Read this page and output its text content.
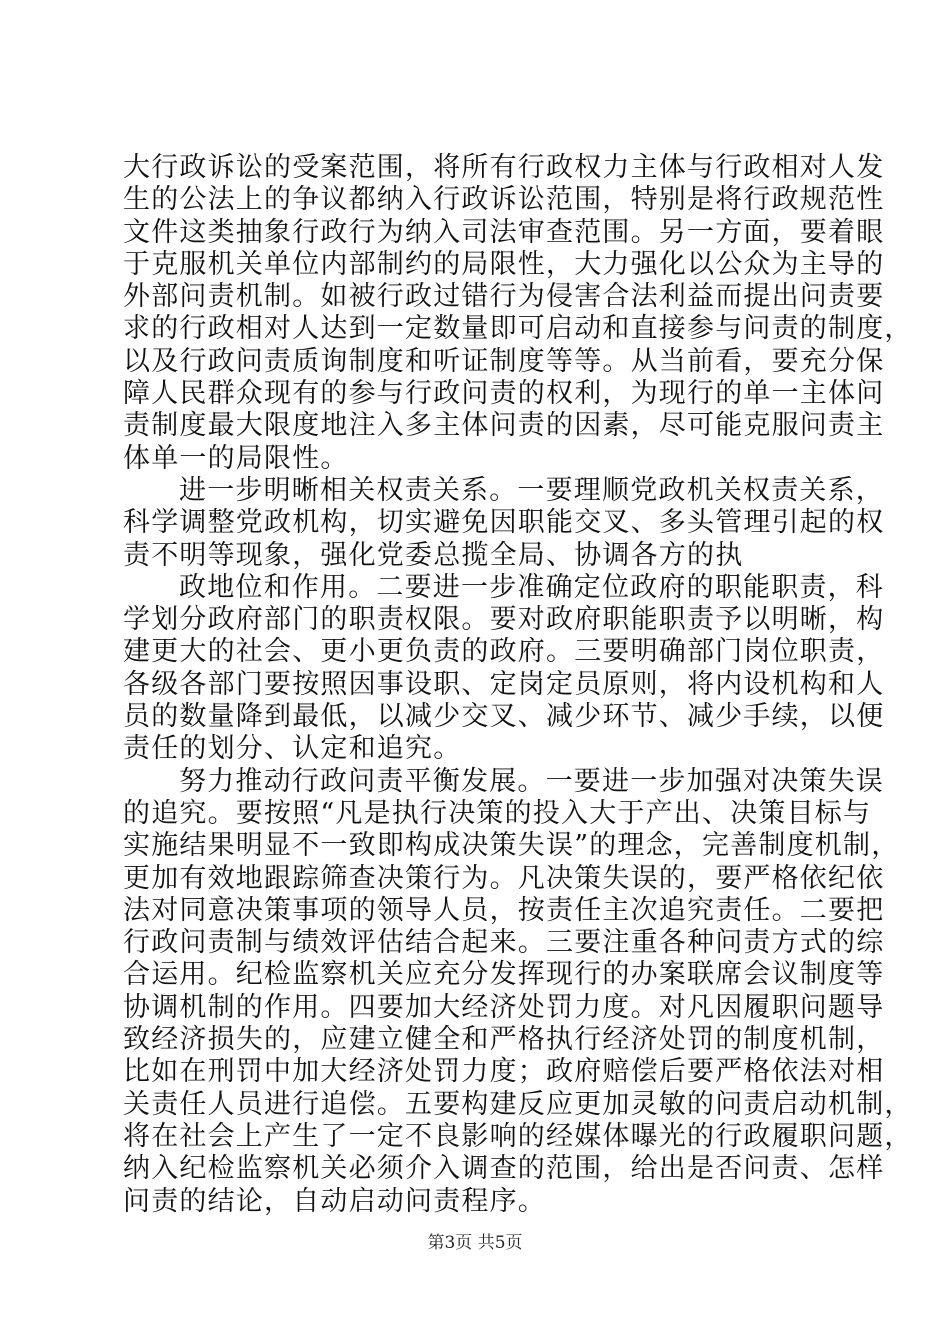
大行政诉讼的受案范围，将所有行政权力主体与行政相对人发
生的公法上的争议都纳入行政诉讼范围，特别是将行政规范性
文件这类抽象行政行为纳入司法审查范围。另一方面，要着眼
于克服机关单位内部制约的局限性，大力强化以公众为主导的
外部问责机制。如被行政过错行为侵害合法利益而提出问责要
求的行政相对人达到一定数量即可启动和直接参与问责的制度，
以及行政问责质询制度和听证制度等等。从当前看，要充分保
障人民群众现有的参与行政问责的权利，为现行的单一主体问
责制度最大限度地注入多主体问责的因素，尽可能克服问责主
体单一的局限性。
进一步明晰相关权责关系。一要理顺党政机关权责关系，
科学调整党政机构，切实避免因职能交叉、多头管理引起的权
责不明等现象，强化党委总揽全局、协调各方的执
政地位和作用。二要进一步准确定位政府的职能职责，科
学划分政府部门的职责权限。要对政府职能职责予以明晰，构
建更大的社会、更小更负责的政府。三要明确部门岗位职责，
各级各部门要按照因事设职、定岗定员原则，将内设机构和人
员的数量降到最低，以减少交叉、减少环节、减少手续，以便
责任的划分、认定和追究。
努力推动行政问责平衡发展。一要进一步加强对决策失误
的追究。要按照“凡是执行决策的投入大于产出、决策目标与
实施结果明显不一致即构成决策失误”的理念，完善制度机制，
更加有效地跟踪筛查决策行为。凡决策失误的，要严格依纪依
法对同意决策事项的领导人员，按责任主次追究责任。二要把
行政问责制与绩效评估结合起来。三要注重各种问责方式的综
合运用。纪检监察机关应充分发挥现行的办案联席会议制度等
协调机制的作用。四要加大经济处罚力度。对凡因履职问题导
致经济损失的，应建立健全和严格执行经济处罚的制度机制，
比如在刑罚中加大经济处罚力度；政府赔偿后要严格依法对相
关责任人员进行追偿。五要构建反应更加灵敏的问责启动机制，
将在社会上产生了一定不良影响的经媒体曝光的行政履职问题，
纳入纪检监察机关必须介入调查的范围，给出是否问责、怎样
问责的结论，自动启动问责程序。
第3页 共5页
